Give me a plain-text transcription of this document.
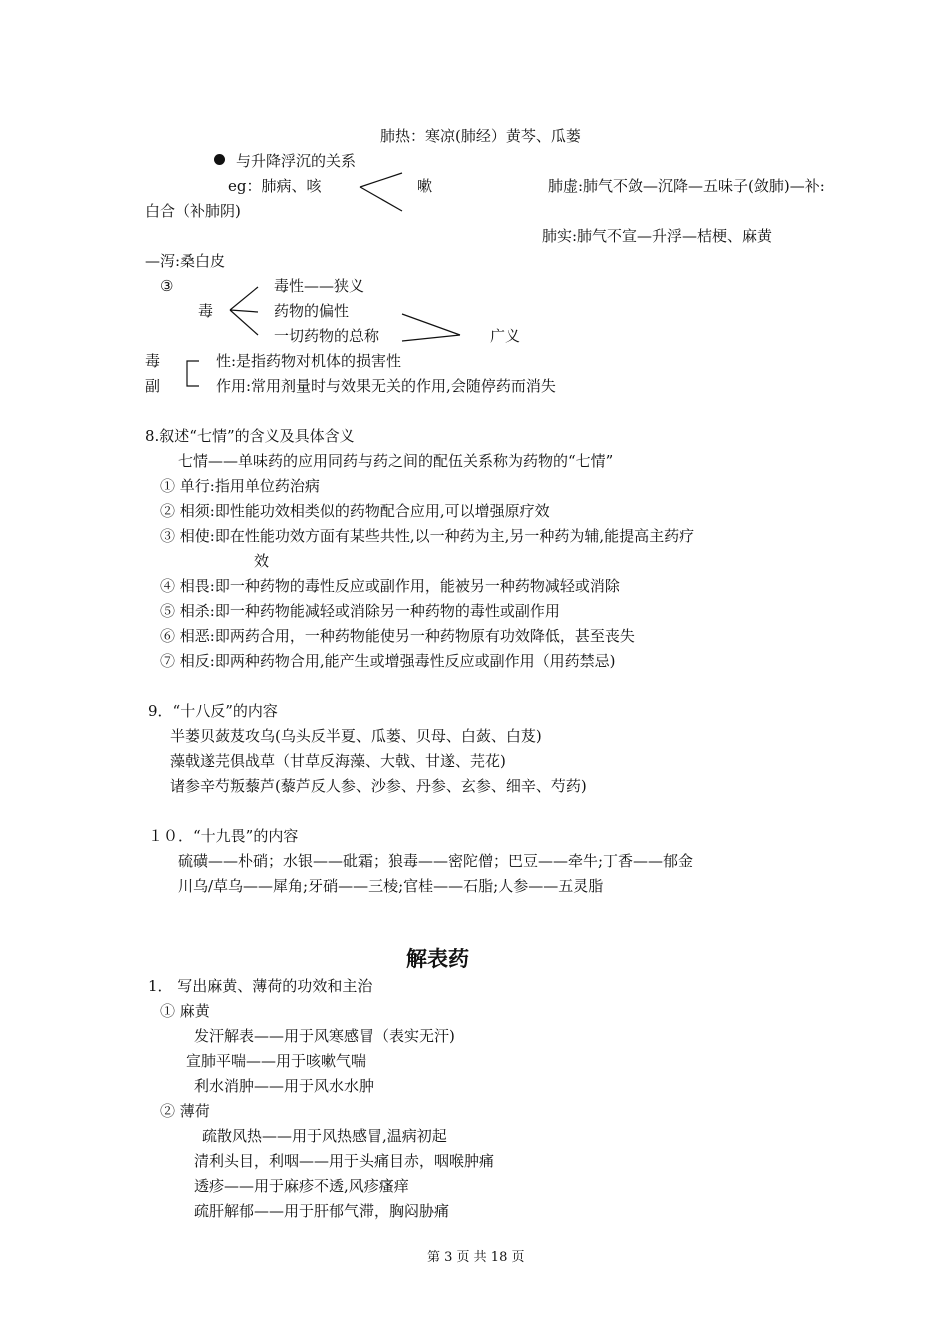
肺热：寒凉(肺经）黄芩、瓜蒌
与升降浮沉的关系
eg：肺病、咳	嗽	肺虚:肺气不敛—沉降—五味子(敛肺)—补:
白合（补肺阴)
肺实:肺气不宣—升浮—桔梗、麻黄
—泻:桑白皮
③
毒
毒性——狭义
药物的偏性
一切药物的总称	广义
毒
副
性:是指药物对机体的损害性
作用:常用剂量时与效果无关的作用,会随停药而消失
8.叙述“七情”的含义及具体含义
七情——单味药的应用同药与药之间的配伍关系称为药物的“七情”
① 单行:指用单位药治病
② 相须:即性能功效相类似的药物配合应用,可以增强原疗效
③ 相使:即在性能功效方面有某些共性,以一种药为主,另一种药为辅,能提高主药疗
效
④ 相畏:即一种药物的毒性反应或副作用，能被另一种药物减轻或消除
⑤ 相杀:即一种药物能减轻或消除另一种药物的毒性或副作用
⑥ 相恶:即两药合用，一种药物能使另一种药物原有功效降低，甚至丧失
⑦ 相反:即两种药物合用,能产生或增强毒性反应或副作用（用药禁忌)
9．“十八反”的内容
半蒌贝蔹芨攻乌(乌头反半夏、瓜蒌、贝母、白蔹、白芨)
藻戟遂芫俱战草（甘草反海藻、大戟、甘遂、芫花)
诸参辛芍叛藜芦(藜芦反人参、沙参、丹参、玄参、细辛、芍药)
１０．“十九畏”的内容
硫磺——朴硝；水银——砒霜；狼毒——密陀僧；巴豆——牵牛;丁香——郁金
川乌/草乌——犀角;牙硝——三棱;官桂——石脂;人参——五灵脂
解表药
1． 写出麻黄、薄荷的功效和主治
① 麻黄
发汗解表——用于风寒感冒（表实无汗)
宣肺平喘——用于咳嗽气喘
利水消肿——用于风水水肿
② 薄荷
疏散风热——用于风热感冒,温病初起
清利头目，利咽——用于头痛目赤，咽喉肿痛
透疹——用于麻疹不透,风疹瘙痒
疏肝解郁——用于肝郁气滞，胸闷胁痛
第 3 页 共 18 页
